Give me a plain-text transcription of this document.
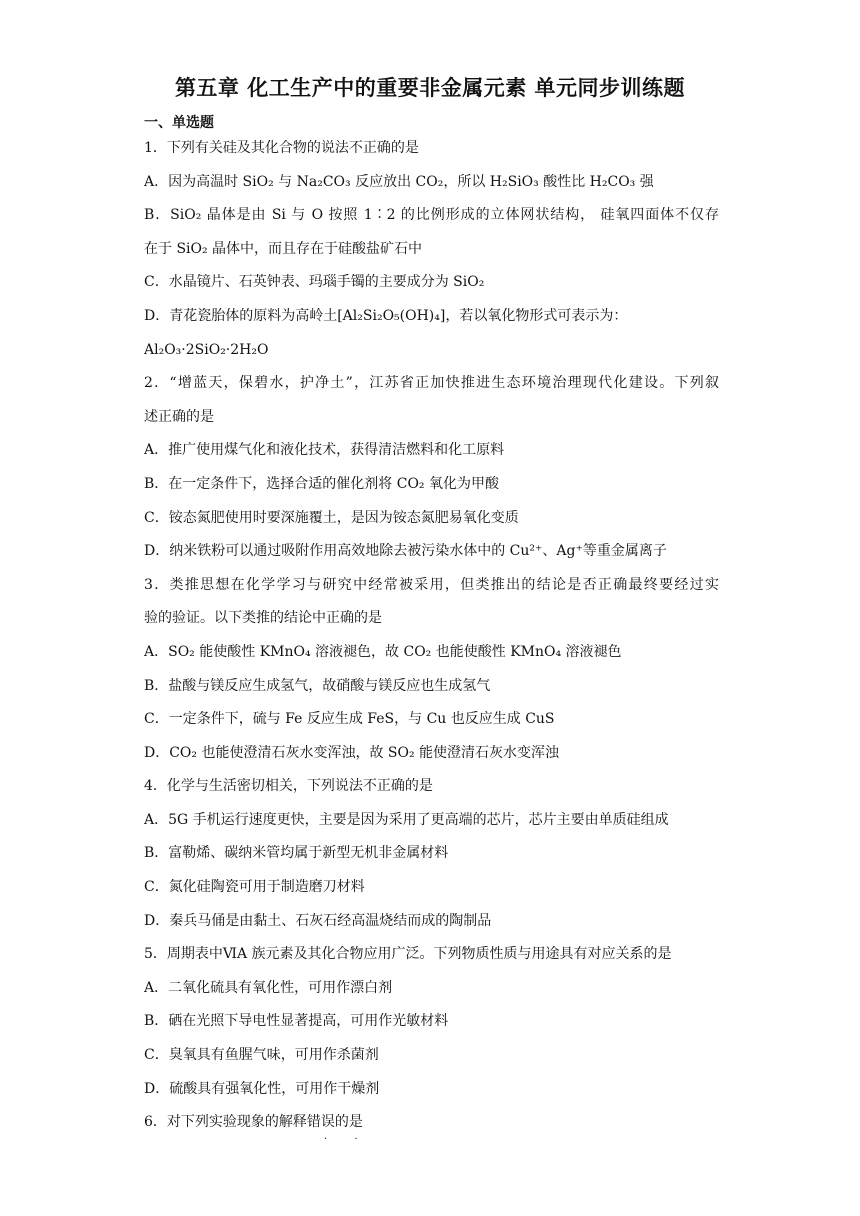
第五章 化工生产中的重要非金属元素 单元同步训练题
一、单选题
1．下列有关硅及其化合物的说法不正确的是
A．因为高温时 SiO₂ 与 Na₂CO₃ 反应放出 CO₂，所以 H₂SiO₃ 酸性比 H₂CO₃ 强
B．SiO₂ 晶体是由 Si 与 O 按照 1∶2 的比例形成的立体网状结构， 硅氧四面体不仅存
在于 SiO₂ 晶体中，而且存在于硅酸盐矿石中
C．水晶镜片、石英钟表、玛瑙手镯的主要成分为 SiO₂
D．青花瓷胎体的原料为高岭土[Al₂Si₂O₅(OH)₄]，若以氧化物形式可表示为：
Al₂O₃·2SiO₂·2H₂O
2．“增蓝天，保碧水，护净土”，江苏省正加快推进生态环境治理现代化建设。下列叙
述正确的是
A．推广使用煤气化和液化技术，获得清洁燃料和化工原料
B．在一定条件下，选择合适的催化剂将 CO₂ 氧化为甲酸
C．铵态氮肥使用时要深施覆土，是因为铵态氮肥易氧化变质
D．纳米铁粉可以通过吸附作用高效地除去被污染水体中的 Cu²⁺、Ag⁺等重金属离子
3．类推思想在化学学习与研究中经常被采用，但类推出的结论是否正确最终要经过实
验的验证。以下类推的结论中正确的是
A．SO₂ 能使酸性 KMnO₄ 溶液褪色，故 CO₂ 也能使酸性 KMnO₄ 溶液褪色
B．盐酸与镁反应生成氢气，故硝酸与镁反应也生成氢气
C．一定条件下，硫与 Fe 反应生成 FeS，与 Cu 也反应生成 CuS
D．CO₂ 也能使澄清石灰水变浑浊，故 SO₂ 能使澄清石灰水变浑浊
4．化学与生活密切相关，下列说法不正确的是
A．5G 手机运行速度更快，主要是因为采用了更高端的芯片，芯片主要由单质硅组成
B．富勒烯、碳纳米管均属于新型无机非金属材料
C．氮化硅陶瓷可用于制造磨刀材料
D．秦兵马俑是由黏土、石灰石经高温烧结而成的陶制品
5．周期表中ⅥA 族元素及其化合物应用广泛。下列物质性质与用途具有对应关系的是
A．二氧化硫具有氧化性，可用作漂白剂
B．硒在光照下导电性显著提高，可用作光敏材料
C．臭氧具有鱼腥气味，可用作杀菌剂
D．硫酸具有强氧化性，可用作干燥剂
6．对下列实验现象的解释错误的是
· ·
